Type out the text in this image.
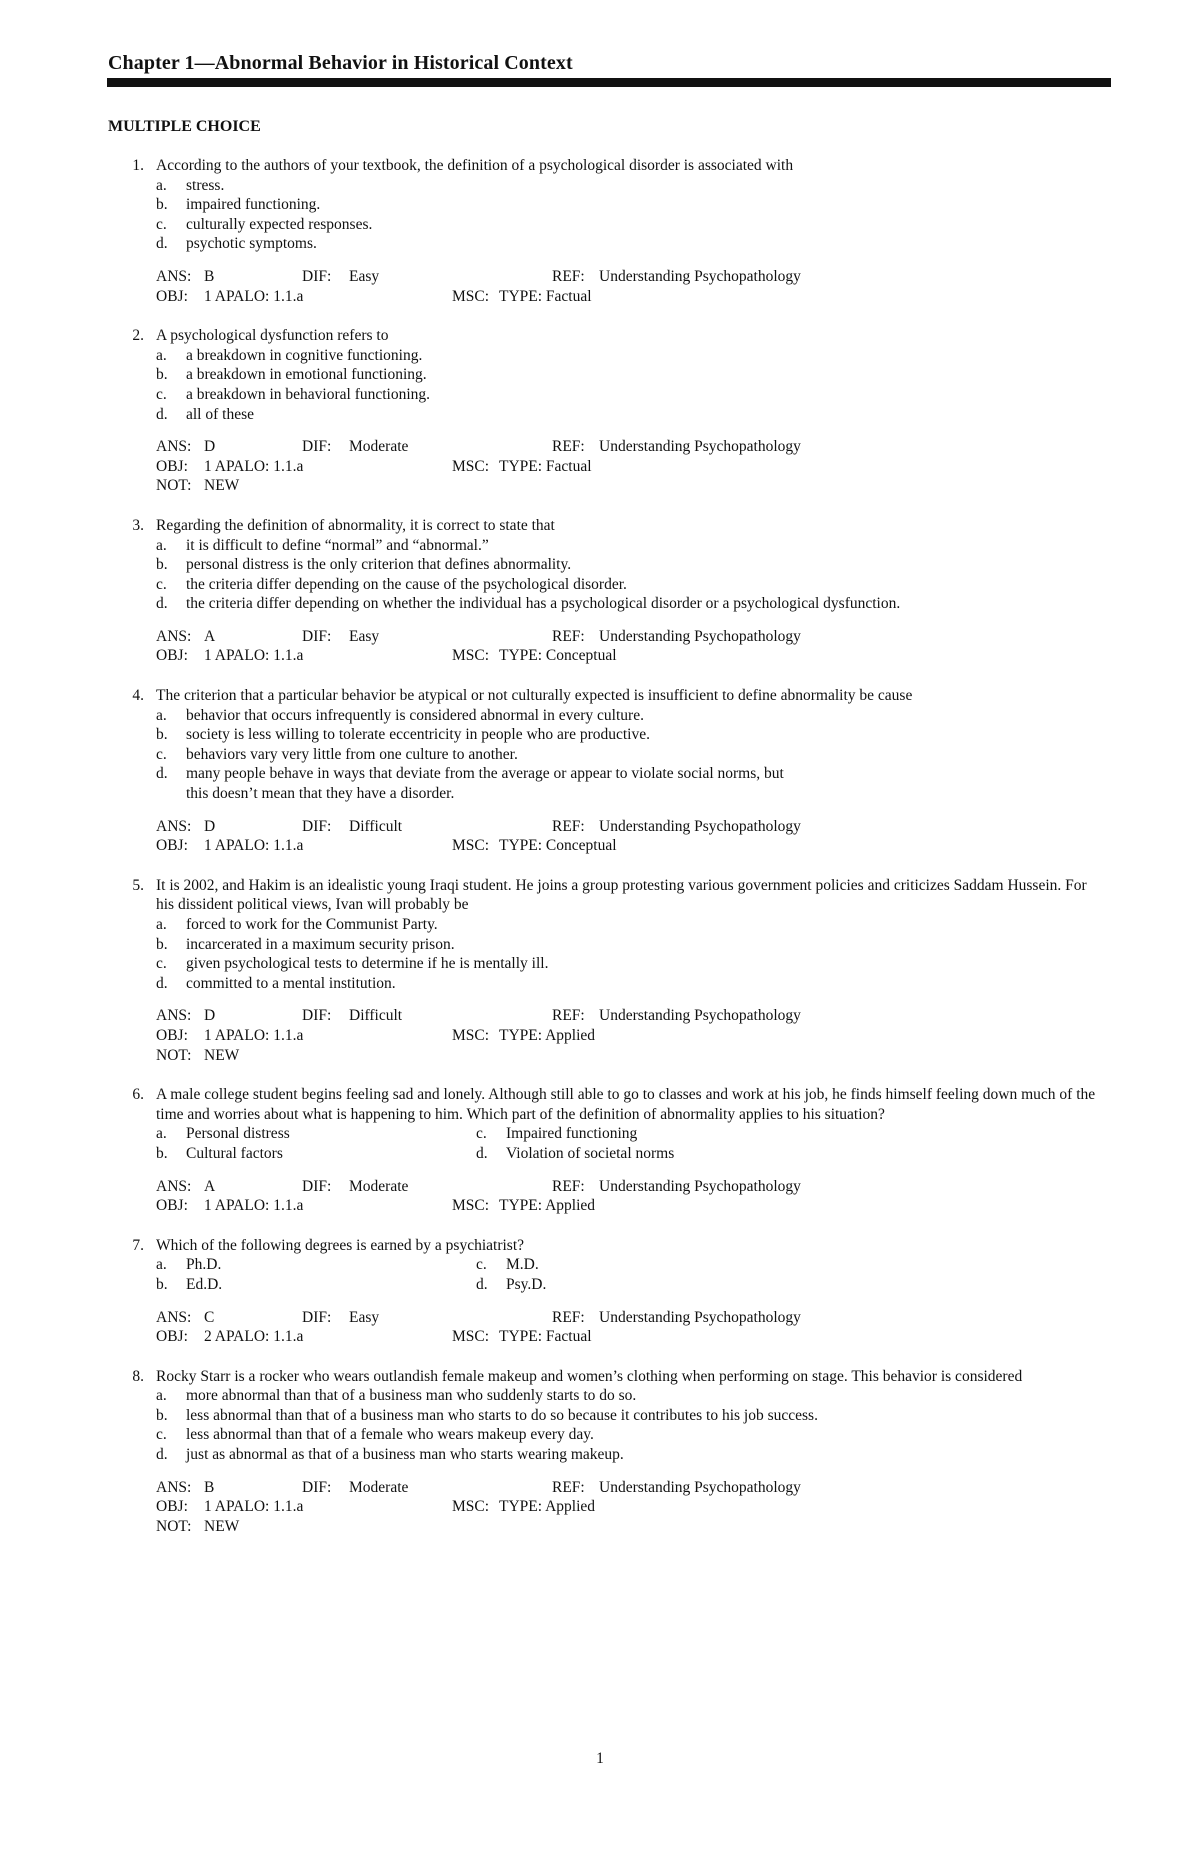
Chapter 1—Abnormal Behavior in Historical Context
MULTIPLE CHOICE
1. According to the authors of your textbook, the definition of a psychological disorder is associated with
a. stress.
b. impaired functioning.
c. culturally expected responses.
d. psychotic symptoms.
ANS: B	DIF: Easy	REF: Understanding Psychopathology
OBJ: 1 APALO: 1.1.a	MSC: TYPE: Factual
2. A psychological dysfunction refers to
a. a breakdown in cognitive functioning.
b. a breakdown in emotional functioning.
c. a breakdown in behavioral functioning.
d. all of these
ANS: D	DIF: Moderate	REF: Understanding Psychopathology
OBJ: 1 APALO: 1.1.a	MSC: TYPE: Factual
NOT: NEW
3. Regarding the definition of abnormality, it is correct to state that
a. it is difficult to define “normal” and “abnormal.”
b. personal distress is the only criterion that defines abnormality.
c. the criteria differ depending on the cause of the psychological disorder.
d. the criteria differ depending on whether the individual has a psychological disorder or a psychological dysfunction.
ANS: A	DIF: Easy	REF: Understanding Psychopathology
OBJ: 1 APALO: 1.1.a	MSC: TYPE: Conceptual
4. The criterion that a particular behavior be atypical or not culturally expected is insufficient to define abnormality be cause
a. behavior that occurs infrequently is considered abnormal in every culture.
b. society is less willing to tolerate eccentricity in people who are productive.
c. behaviors vary very little from one culture to another.
d. many people behave in ways that deviate from the average or appear to violate social norms, but this doesn’t mean that they have a disorder.
ANS: D	DIF: Difficult	REF: Understanding Psychopathology
OBJ: 1 APALO: 1.1.a	MSC: TYPE: Conceptual
5. It is 2002, and Hakim is an idealistic young Iraqi student. He joins a group protesting various government policies and criticizes Saddam Hussein. For his dissident political views, Ivan will probably be
a. forced to work for the Communist Party.
b. incarcerated in a maximum security prison.
c. given psychological tests to determine if he is mentally ill.
d. committed to a mental institution.
ANS: D	DIF: Difficult	REF: Understanding Psychopathology
OBJ: 1 APALO: 1.1.a	MSC: TYPE: Applied
NOT: NEW
6. A male college student begins feeling sad and lonely. Although still able to go to classes and work at his job, he finds himself feeling down much of the time and worries about what is happening to him. Which part of the definition of abnormality applies to his situation?
a. Personal distress	c. Impaired functioning
b. Cultural factors	d. Violation of societal norms
ANS: A	DIF: Moderate	REF: Understanding Psychopathology
OBJ: 1 APALO: 1.1.a	MSC: TYPE: Applied
7. Which of the following degrees is earned by a psychiatrist?
a. Ph.D.	c. M.D.
b. Ed.D.	d. Psy.D.
ANS: C	DIF: Easy	REF: Understanding Psychopathology
OBJ: 2 APALO: 1.1.a	MSC: TYPE: Factual
8. Rocky Starr is a rocker who wears outlandish female makeup and women’s clothing when performing on stage. This behavior is considered
a. more abnormal than that of a business man who suddenly starts to do so.
b. less abnormal than that of a business man who starts to do so because it contributes to his job success.
c. less abnormal than that of a female who wears makeup every day.
d. just as abnormal as that of a business man who starts wearing makeup.
ANS: B	DIF: Moderate	REF: Understanding Psychopathology
OBJ: 1 APALO: 1.1.a	MSC: TYPE: Applied
NOT: NEW
1
